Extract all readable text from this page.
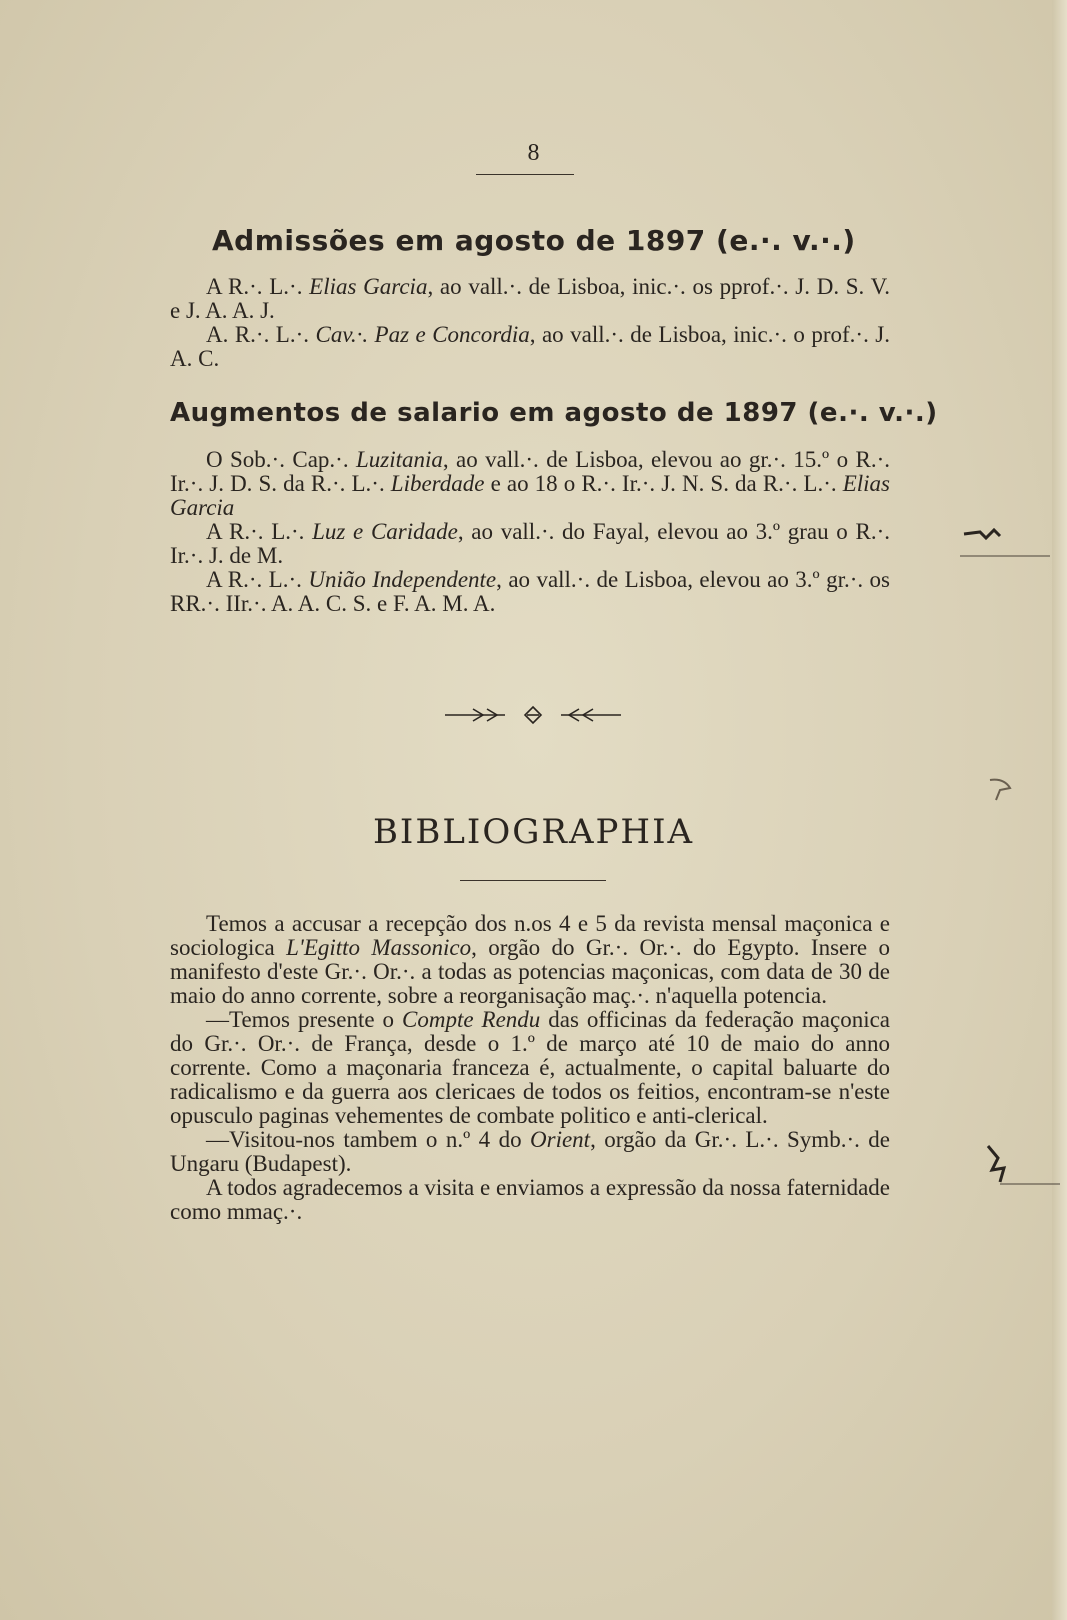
8
Admissões em agosto de 1897 (e.·. v.·.)

A R.·. L.·. Elias Garcia, ao vall.·. de Lisboa, inic.·. os pprof.·. J. D. S. V. e J. A. A. J.

A. R.·. L.·. Cav.·. Paz e Concordia, ao vall.·. de Lisboa, inic.·. o prof.·. J. A. C.

Augmentos de salario em agosto de 1897 (e.·. v.·.)

O Sob.·. Cap.·. Luzitania, ao vall.·. de Lisboa, elevou ao gr.·. 15.º o R.·. Ir.·. J. D. S. da R.·. L.·. Liberdade e ao 18 o R.·. Ir.·. J. N. S. da R.·. L.·. Elias Garcia

A R.·. L.·. Luz e Caridade, ao vall.·. do Fayal, elevou ao 3.º grau o R.·. Ir.·. J. de M.

A R.·. L.·. União Independente, ao vall.·. de Lisboa, elevou ao 3.º gr.·. os RR.·. IIr.·. A. A. C. S. e F. A. M. A.

BIBLIOGRAPHIA

Temos a accusar a recepção dos n.os 4 e 5 da revista mensal maçonica e sociologica L'Egitto Massonico, orgão do Gr.·. Or.·. do Egypto. Insere o manifesto d'este Gr.·. Or.·. a todas as potencias maçonicas, com data de 30 de maio do anno corrente, sobre a reorganisação maç.·. n'aquella potencia.

—Temos presente o Compte Rendu das officinas da federação maçonica do Gr.·. Or.·. de França, desde o 1.º de março até 10 de maio do anno corrente. Como a maçonaria franceza é, actualmente, o capital baluarte do radicalismo e da guerra aos clericaes de todos os feitios, encontram-se n'este opusculo paginas vehementes de combate politico e anti-clerical.

—Visitou-nos tambem o n.º 4 do Orient, orgão da Gr.·. L.·. Symb.·. de Ungaru (Budapest).

A todos agradecemos a visita e enviamos a expressão da nossa faternidade como mmaç.·.
